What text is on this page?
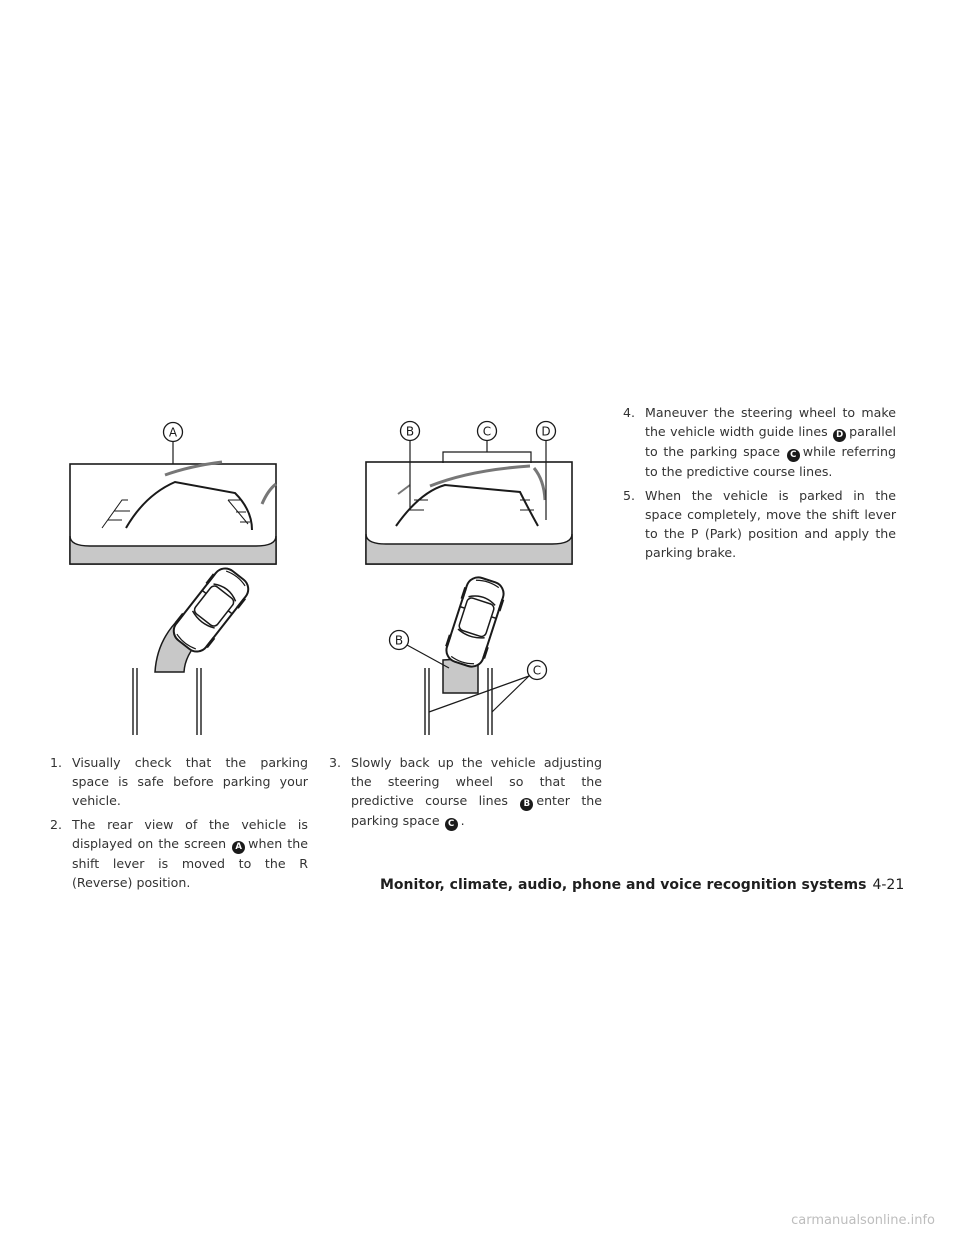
A	B	C	D
B
C

1. Visually check that the parking space is safe before parking your vehicle.

2. The rear view of the vehicle is displayed on the screen A when the shift lever is moved to the R (Reverse) position.

3. Slowly back up the vehicle adjusting the steering wheel so that the predictive course lines B enter the parking space C .

4. Maneuver the steering wheel to make the vehicle width guide lines D parallel to the parking space C while referring to the predictive course lines.

5. When the vehicle is parked in the space completely, move the shift lever to the P (Park) position and apply the parking brake.

Monitor, climate, audio, phone and voice recognition systems 4-21
carmanualsonline.info
